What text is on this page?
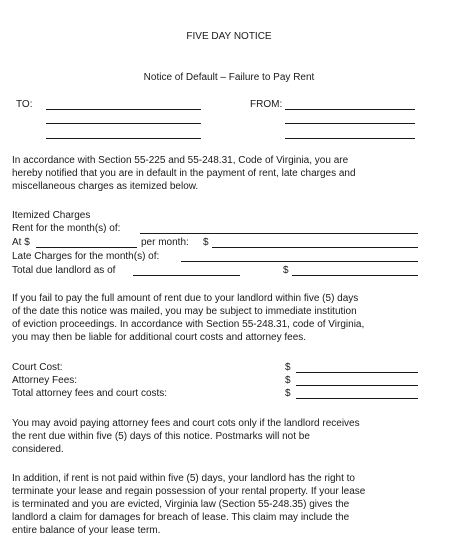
FIVE DAY NOTICE
Notice of Default – Failure to Pay Rent
TO:	FROM:
In accordance with Section 55-225 and 55-248.31, Code of Virginia, you are
hereby notified that you are in default in the payment of rent, late charges and
miscellaneous charges as itemized below.
Itemized Charges
Rent for the month(s) of:
At $	per month: $
Late Charges for the month(s) of:
Total due landlord as of	$
If you fail to pay the full amount of rent due to your landlord within five (5) days
of the date this notice was mailed, you may be subject to immediate institution
of eviction proceedings. In accordance with Section 55-248.31, code of Virginia,
you may then be liable for additional court costs and attorney fees.
Court Cost:	$
Attorney Fees:	$
Total attorney fees and court costs:	$
You may avoid paying attorney fees and court cots only if the landlord receives
the rent due within five (5) days of this notice. Postmarks will not be
considered.
In addition, if rent is not paid within five (5) days, your landlord has the right to
terminate your lease and regain possession of your rental property. If your lease
is terminated and you are evicted, Virginia law (Section 55-248.35) gives the
landlord a claim for damages for breach of lease. This claim may include the
entire balance of your lease term.
